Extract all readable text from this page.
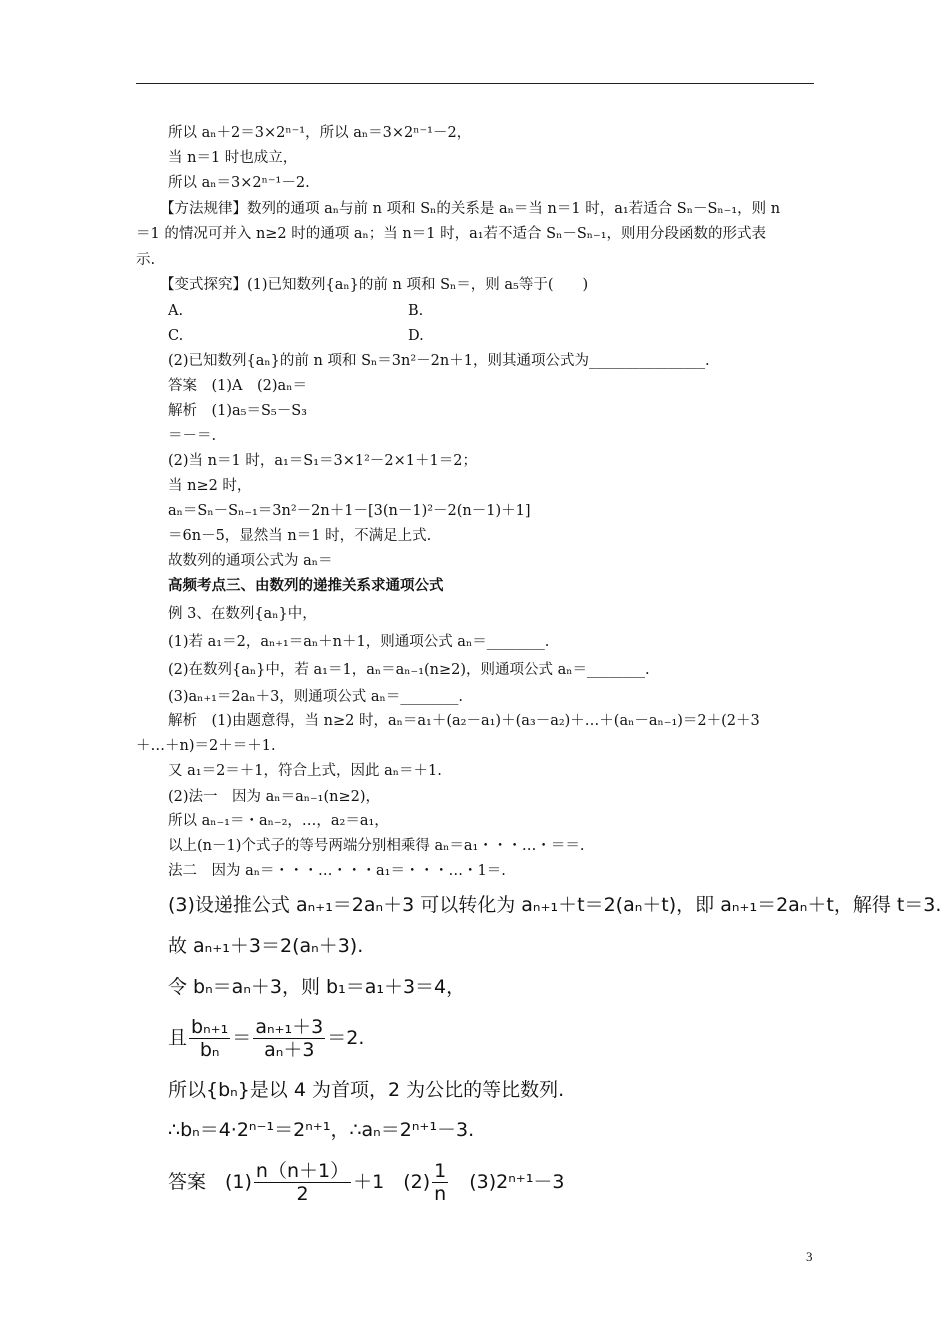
所以 aₙ＋2＝3×2ⁿ⁻¹，所以 aₙ＝3×2ⁿ⁻¹－2，
当 n＝1 时也成立，
所以 aₙ＝3×2ⁿ⁻¹－2.
【方法规律】数列的通项 aₙ与前 n 项和 Sₙ的关系是 aₙ＝当 n＝1 时，a₁若适合 Sₙ－Sₙ₋₁，则 n
＝1 的情况可并入 n≥2 时的通项 aₙ；当 n＝1 时，a₁若不适合 Sₙ－Sₙ₋₁，则用分段函数的形式表
示.
【变式探究】(1)已知数列{aₙ}的前 n 项和 Sₙ＝，则 a₅等于(　　)
A.	B.
C.	D.
(2)已知数列{aₙ}的前 n 项和 Sₙ＝3n²－2n＋1，则其通项公式为________________.
答案　(1)A　(2)aₙ＝
解析　(1)a₅＝S₅－S₃
＝－＝.
(2)当 n＝1 时，a₁＝S₁＝3×1²－2×1＋1＝2；
当 n≥2 时，
aₙ＝Sₙ－Sₙ₋₁＝3n²－2n＋1－[3(n－1)²－2(n－1)＋1]
＝6n－5，显然当 n＝1 时，不满足上式.
故数列的通项公式为 aₙ＝
高频考点三、由数列的递推关系求通项公式
例 3、在数列{aₙ}中，
(1)若 a₁＝2，aₙ₊₁＝aₙ＋n＋1，则通项公式 aₙ＝________.
(2)在数列{aₙ}中，若 a₁＝1，aₙ＝aₙ₋₁(n≥2)，则通项公式 aₙ＝________.
(3)aₙ₊₁＝2aₙ＋3，则通项公式 aₙ＝________.
解析　(1)由题意得，当 n≥2 时，aₙ＝a₁＋(a₂－a₁)＋(a₃－a₂)＋…＋(aₙ－aₙ₋₁)＝2＋(2＋3
＋…＋n)＝2＋＝＋1.
又 a₁＝2＝＋1，符合上式，因此 aₙ＝＋1.
(2)法一　因为 aₙ＝aₙ₋₁(n≥2)，
所以 aₙ₋₁＝・aₙ₋₂，…，a₂＝a₁，
以上(n－1)个式子的等号两端分别相乘得 aₙ＝a₁・・・…・＝＝.
法二　因为 aₙ＝・・・…・・・a₁＝・・・…・1＝.
(3)设递推公式 aₙ₊₁＝2aₙ＋3 可以转化为 aₙ₊₁＋t＝2(aₙ＋t)，即 aₙ₊₁＝2aₙ＋t，解得 t＝3.
故 aₙ₊₁＋3＝2(aₙ＋3).
令 bₙ＝aₙ＋3，则 b₁＝a₁＋3＝4，
且 $\frac{\text{bₙ₊₁}}{\text{bₙ}} = \frac{\text{aₙ₊₁＋3}}{\text{aₙ＋3}} =2$.
所以{bₙ}是以 4 为首项，2 为公比的等比数列.
∴bₙ＝4·2ⁿ⁻¹＝2ⁿ⁺¹，∴aₙ＝2ⁿ⁺¹－3.
答案　$(1) \frac{n(n+1)}{2} +1$　$(2) \frac{1}{n}$ 　(3)2ⁿ⁺¹－3
3
